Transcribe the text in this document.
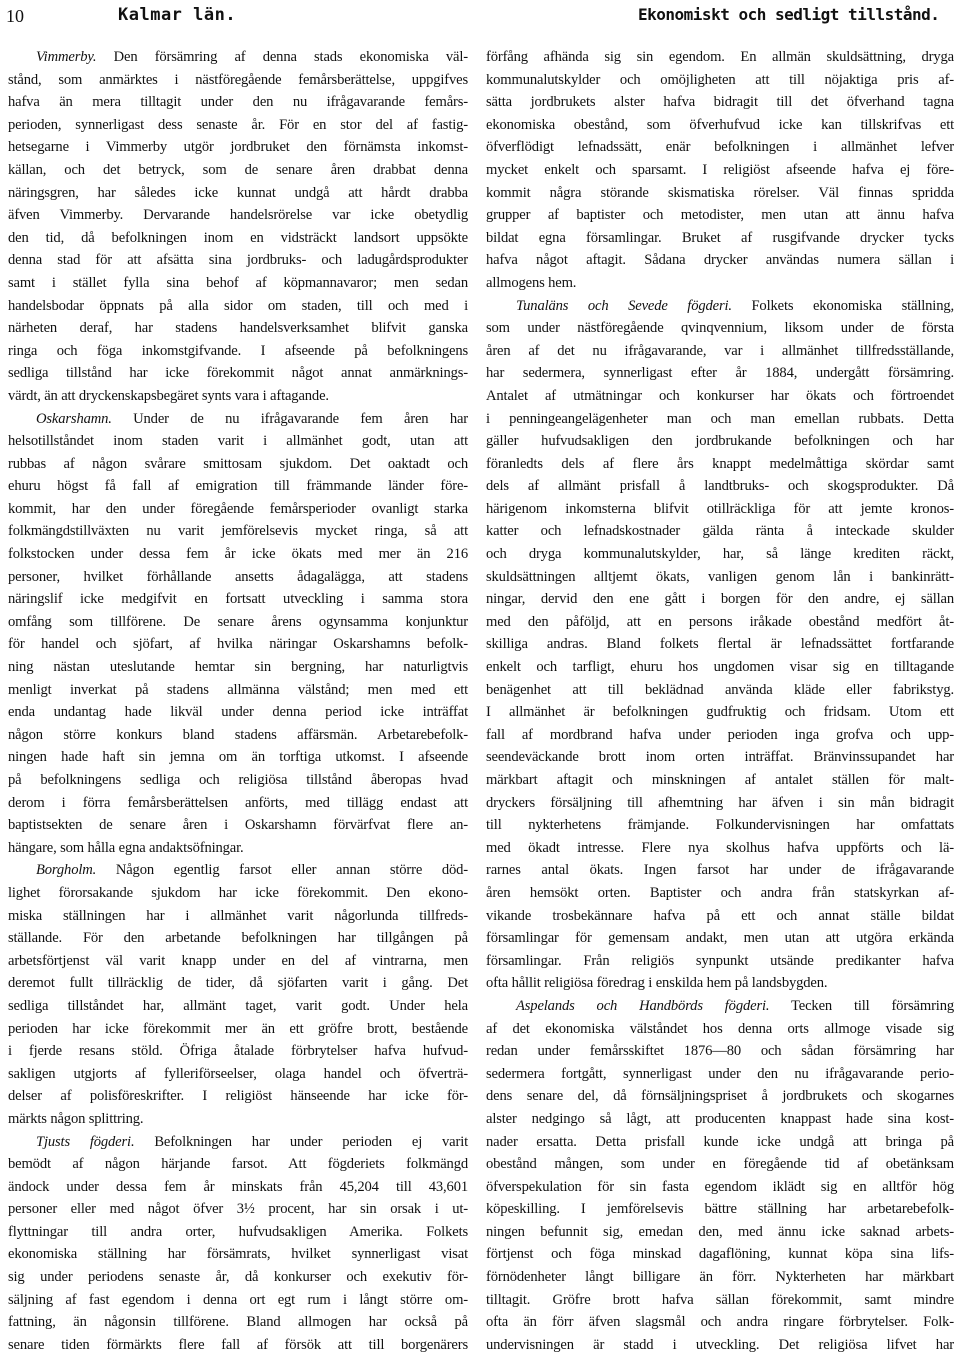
10	Kalmar län.	Ekonomiskt och sedligt tillstånd.
Vimmerby. Den försämring af denna stads ekonomiska väl-
stånd, som anmärktes i nästföregående femårsberättelse, uppgifves
hafva än mera tilltagit under den nu ifrågavarande femårs-
perioden, synnerligast dess senaste år. För en stor del af fastig-
hetsegarne i Vimmerby utgör jordbruket den förnämsta inkomst-
källan, och det betryck, som de senare åren drabbat denna
näringsgren, har således icke kunnat undgå att hårdt drabba
äfven Vimmerby. Dervarande handelsrörelse var icke obetydlig
den tid, då befolkningen inom en vidsträckt landsort uppsökte
denna stad för att afsätta sina jordbruks- och ladugårdsprodukter
samt i stället fylla sina behof af köpmannavaror; men sedan
handelsbodar öppnats på alla sidor om staden, till och med i
närheten deraf, har stadens handelsverksamhet blifvit ganska
ringa och föga inkomstgifvande. I afseende på befolkningens
sedliga tillstånd har icke förekommit något annat anmärknings-
värdt, än att dryckenskapsbegäret synts vara i aftagande.
Oskarshamn. Under de nu ifrågavarande fem åren har
helsotillståndet inom staden varit i allmänhet godt, utan att
rubbas af någon svårare smittosam sjukdom. Det oaktadt och
ehuru högst få fall af emigration till främmande länder före-
kommit, har den under föregående femårsperioder ovanligt starka
folkmängdstillväxten nu varit jemförelsevis mycket ringa, så att
folkstocken under dessa fem år icke ökats med mer än 216
personer, hvilket förhållande ansetts ådagalägga, att stadens
näringslif icke medgifvit en fortsatt utveckling i samma stora
omfång som tillförene. De senare årens ogynsamma konjunktur
för handel och sjöfart, af hvilka näringar Oskarshamns befolk-
ning nästan uteslutande hemtar sin bergning, har naturligtvis
menligt inverkat på stadens allmänna välstånd; men med ett
enda undantag hade likväl under denna period icke inträffat
någon större konkurs bland stadens affärsmän. Arbetarebefolk-
ningen hade haft sin jemna om än torftiga utkomst. I afseende
på befolkningens sedliga och religiösa tillstånd åberopas hvad
derom i förra femårsberättelsen anförts, med tillägg endast att
baptistsekten de senare åren i Oskarshamn förvärfvat flere an-
hängare, som hålla egna andaktsöfningar.
Borgholm. Någon egentlig farsot eller annan större död-
lighet förorsakande sjukdom har icke förekommit. Den ekono-
miska ställningen har i allmänhet varit någorlunda tillfreds-
ställande. För den arbetande befolkningen har tillgången på
arbetsförtjenst väl varit knapp under en del af vintrarna, men
deremot fullt tillräcklig de tider, då sjöfarten varit i gång. Det
sedliga tillståndet har, allmänt taget, varit godt. Under hela
perioden har icke förekommit mer än ett gröfre brott, bestående
i fjerde resans stöld. Öfriga åtalade förbrytelser hafva hufvud-
sakligen utgjorts af fylleriförseelser, olaga handel och öfverträ-
delser af polisföreskrifter. I religiöst hänseende har icke för-
märkts någon splittring.
Tjusts fögderi. Befolkningen har under perioden ej varit
bemödt af någon härjande farsot. Att fögderiets folkmängd
ändock under dessa fem år minskats från 45,204 till 43,601
personer eller med något öfver 3½ procent, har sin orsak i ut-
flyttningar till andra orter, hufvudsakligen Amerika. Folkets
ekonomiska ställning har försämrats, hvilket synnerligast visat
sig under periodens senaste år, då konkurser och exekutiv för-
säljning af fast egendom i denna ort egt rum i långt större om-
fattning, än någonsin tillförene. Bland allmogen har också på
senare tiden förmärkts flere fall af försök att till borgenärers
förfång afhända sig sin egendom. En allmän skuldsättning, dryga
kommunalutskylder och omöjligheten att till nöjaktiga pris af-
sätta jordbrukets alster hafva bidragit till det öfverhand tagna
ekonomiska obestånd, som öfverhufvud icke kan tillskrifvas ett
öfverflödigt lefnadssätt, enär befolkningen i allmänhet lefver
mycket enkelt och sparsamt. I religiöst afseende hafva ej före-
kommit några störande skismatiska rörelser. Väl finnas spridda
grupper af baptister och metodister, men utan att ännu hafva
bildat egna församlingar. Bruket af rusgifvande drycker tycks
hafva något aftagit. Sådana drycker användas numera sällan i
allmogens hem.
Tunaläns och Sevede fögderi. Folkets ekonomiska ställning,
som under nästföregående qvinqvennium, liksom under de första
åren af det nu ifrågavarande, var i allmänhet tillfredsställande,
har sedermera, synnerligast efter år 1884, undergått försämring.
Antalet af utmätningar och konkurser har ökats och förtroendet
i penningeangelägenheter man och man emellan rubbats. Detta
gäller hufvudsakligen den jordbrukande befolkningen och har
föranledts dels af flere års knappt medelmåttiga skördar samt
dels af allmänt prisfall å landtbruks- och skogsprodukter. Då
härigenom inkomsterna blifvit otillräckliga för att jemte kronos-
katter och lefnadskostnader gälda ränta å inteckade skulder
och dryga kommunalutskylder, har, så länge krediten räckt,
skuldsättningen alltjemt ökats, vanligen genom lån i bankinrätt-
ningar, dervid den ene gått i borgen för den andre, ej sällan
med den påföljd, att en persons iråkade obestånd medfört åt-
skilliga andras. Bland folkets flertal är lefnadssättet fortfarande
enkelt och tarfligt, ehuru hos ungdomen visar sig en tilltagande
benägenhet att till beklädnad använda kläde eller fabrikstyg.
I allmänhet är befolkningen gudfruktig och fridsam. Utom ett
fall af mordbrand hafva under perioden inga grofva och upp-
seendeväckande brott inom orten inträffat. Bränvinssupandet har
märkbart aftagit och minskningen af antalet ställen för malt-
dryckers försäljning till afhemtning har äfven i sin mån bidragit
till nykterhetens främjande. Folkundervisningen har omfattats
med ökadt intresse. Flere nya skolhus hafva uppförts och lä-
rarnes antal ökats. Ingen farsot har under de ifrågavarande
åren hemsökt orten. Baptister och andra från statskyrkan af-
vikande trosbekännare hafva på ett och annat ställe bildat
församlingar för gemensam andakt, men utan att utgöra erkända
församlingar. Från religiös synpunkt utsände predikanter hafva
ofta hållit religiösa föredrag i enskilda hem på landsbygden.
Aspelands och Handbörds fögderi. Tecken till försämring
af det ekonomiska välståndet hos denna orts allmoge visade sig
redan under femårsskiftet 1876—80 och sådan försämring har
sedermera fortgått, synnerligast under den nu ifrågavarande perio-
dens senare del, då förnsäljningspriset å jordbrukets och skogarnes
alster nedgingo så lågt, att producenten knappast hade sina kost-
nader ersatta. Detta prisfall kunde icke undgå att bringa på
obestånd mången, som under en föregående tid af obetänksam
öfverspekulation för sin fasta egendom iklädt sig en alltför hög
köpeskilling. I jemförelsevis bättre ställning har arbetarebefolk-
ningen befunnit sig, emedan den, med ännu icke saknad arbets-
förtjenst och föga minskad dagaflöning, kunnat köpa sina lifs-
förnödenheter långt billigare än förr. Nykterheten har märkbart
tilltagit. Gröfre brott hafva sällan förekommit, samt mindre
ofta än förr äfven slagsmål och andra ringare förbrytelser. Folk-
undervisningen är stadd i utveckling. Det religiösa lifvet har
